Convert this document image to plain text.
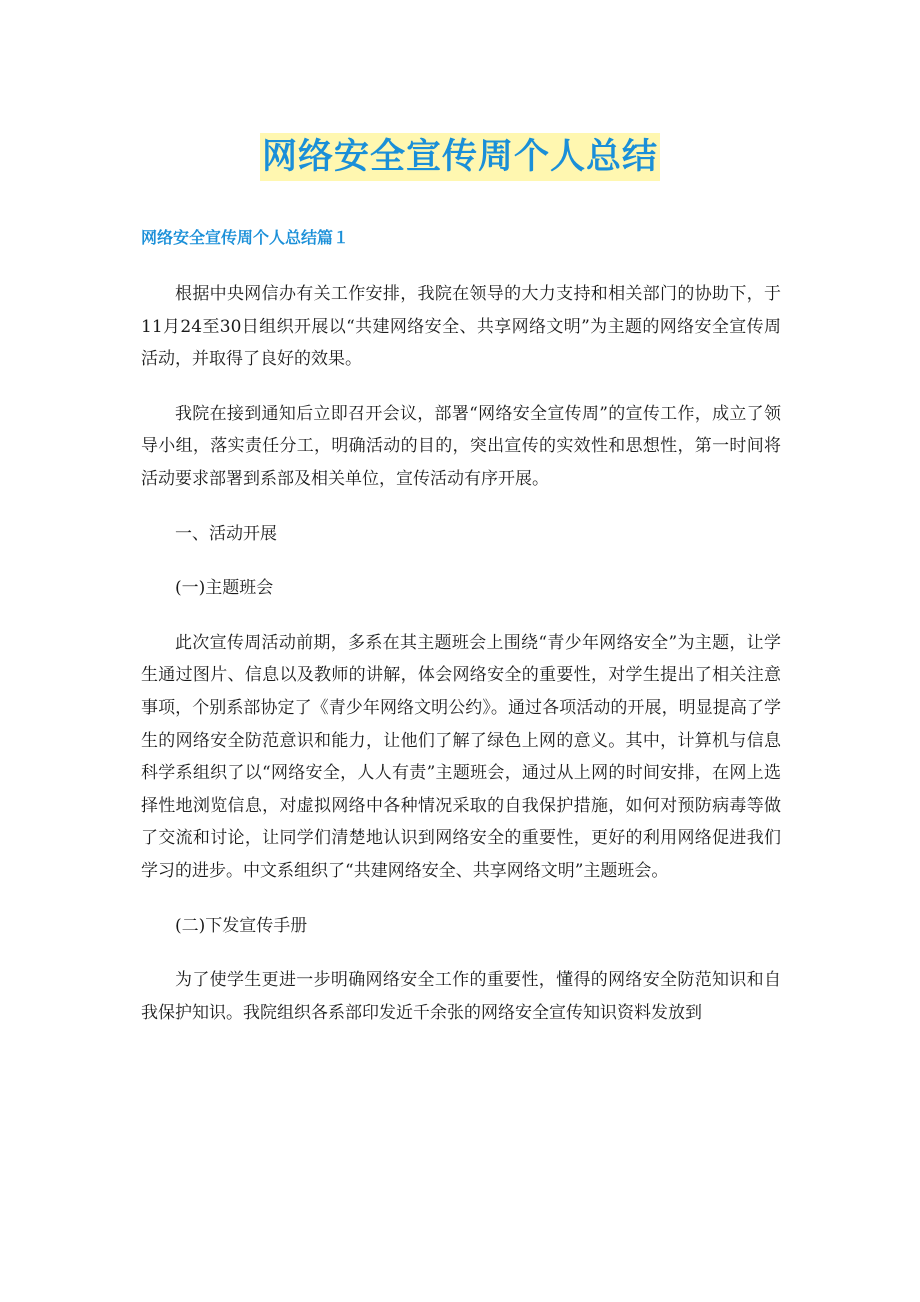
网络安全宣传周个人总结
网络安全宣传周个人总结篇１

根据中央网信办有关工作安排，我院在领导的大力支持和相关部门的协助下，于11月24至30日组织开展以“共建网络安全、共享网络文明”为主题的网络安全宣传周活动，并取得了良好的效果。

我院在接到通知后立即召开会议，部署“网络安全宣传周”的宣传工作，成立了领导小组，落实责任分工，明确活动的目的，突出宣传的实效性和思想性，第一时间将活动要求部署到系部及相关单位，宣传活动有序开展。

一、活动开展

(一)主题班会

此次宣传周活动前期，多系在其主题班会上围绕“青少年网络安全”为主题，让学生通过图片、信息以及教师的讲解，体会网络安全的重要性，对学生提出了相关注意事项，个别系部协定了《青少年网络文明公约》。通过各项活动的开展，明显提高了学生的网络安全防范意识和能力，让他们了解了绿色上网的意义。其中，计算机与信息科学系组织了以“网络安全，人人有责”主题班会，通过从上网的时间安排，在网上选择性地浏览信息，对虚拟网络中各种情况采取的自我保护措施，如何对预防病毒等做了交流和讨论，让同学们清楚地认识到网络安全的重要性，更好的利用网络促进我们学习的进步。中文系组织了“共建网络安全、共享网络文明”主题班会。

(二)下发宣传手册

为了使学生更进一步明确网络安全工作的重要性，懂得的网络安全防范知识和自我保护知识。我院组织各系部印发近千余张的网络安全宣传知识资料发放到
